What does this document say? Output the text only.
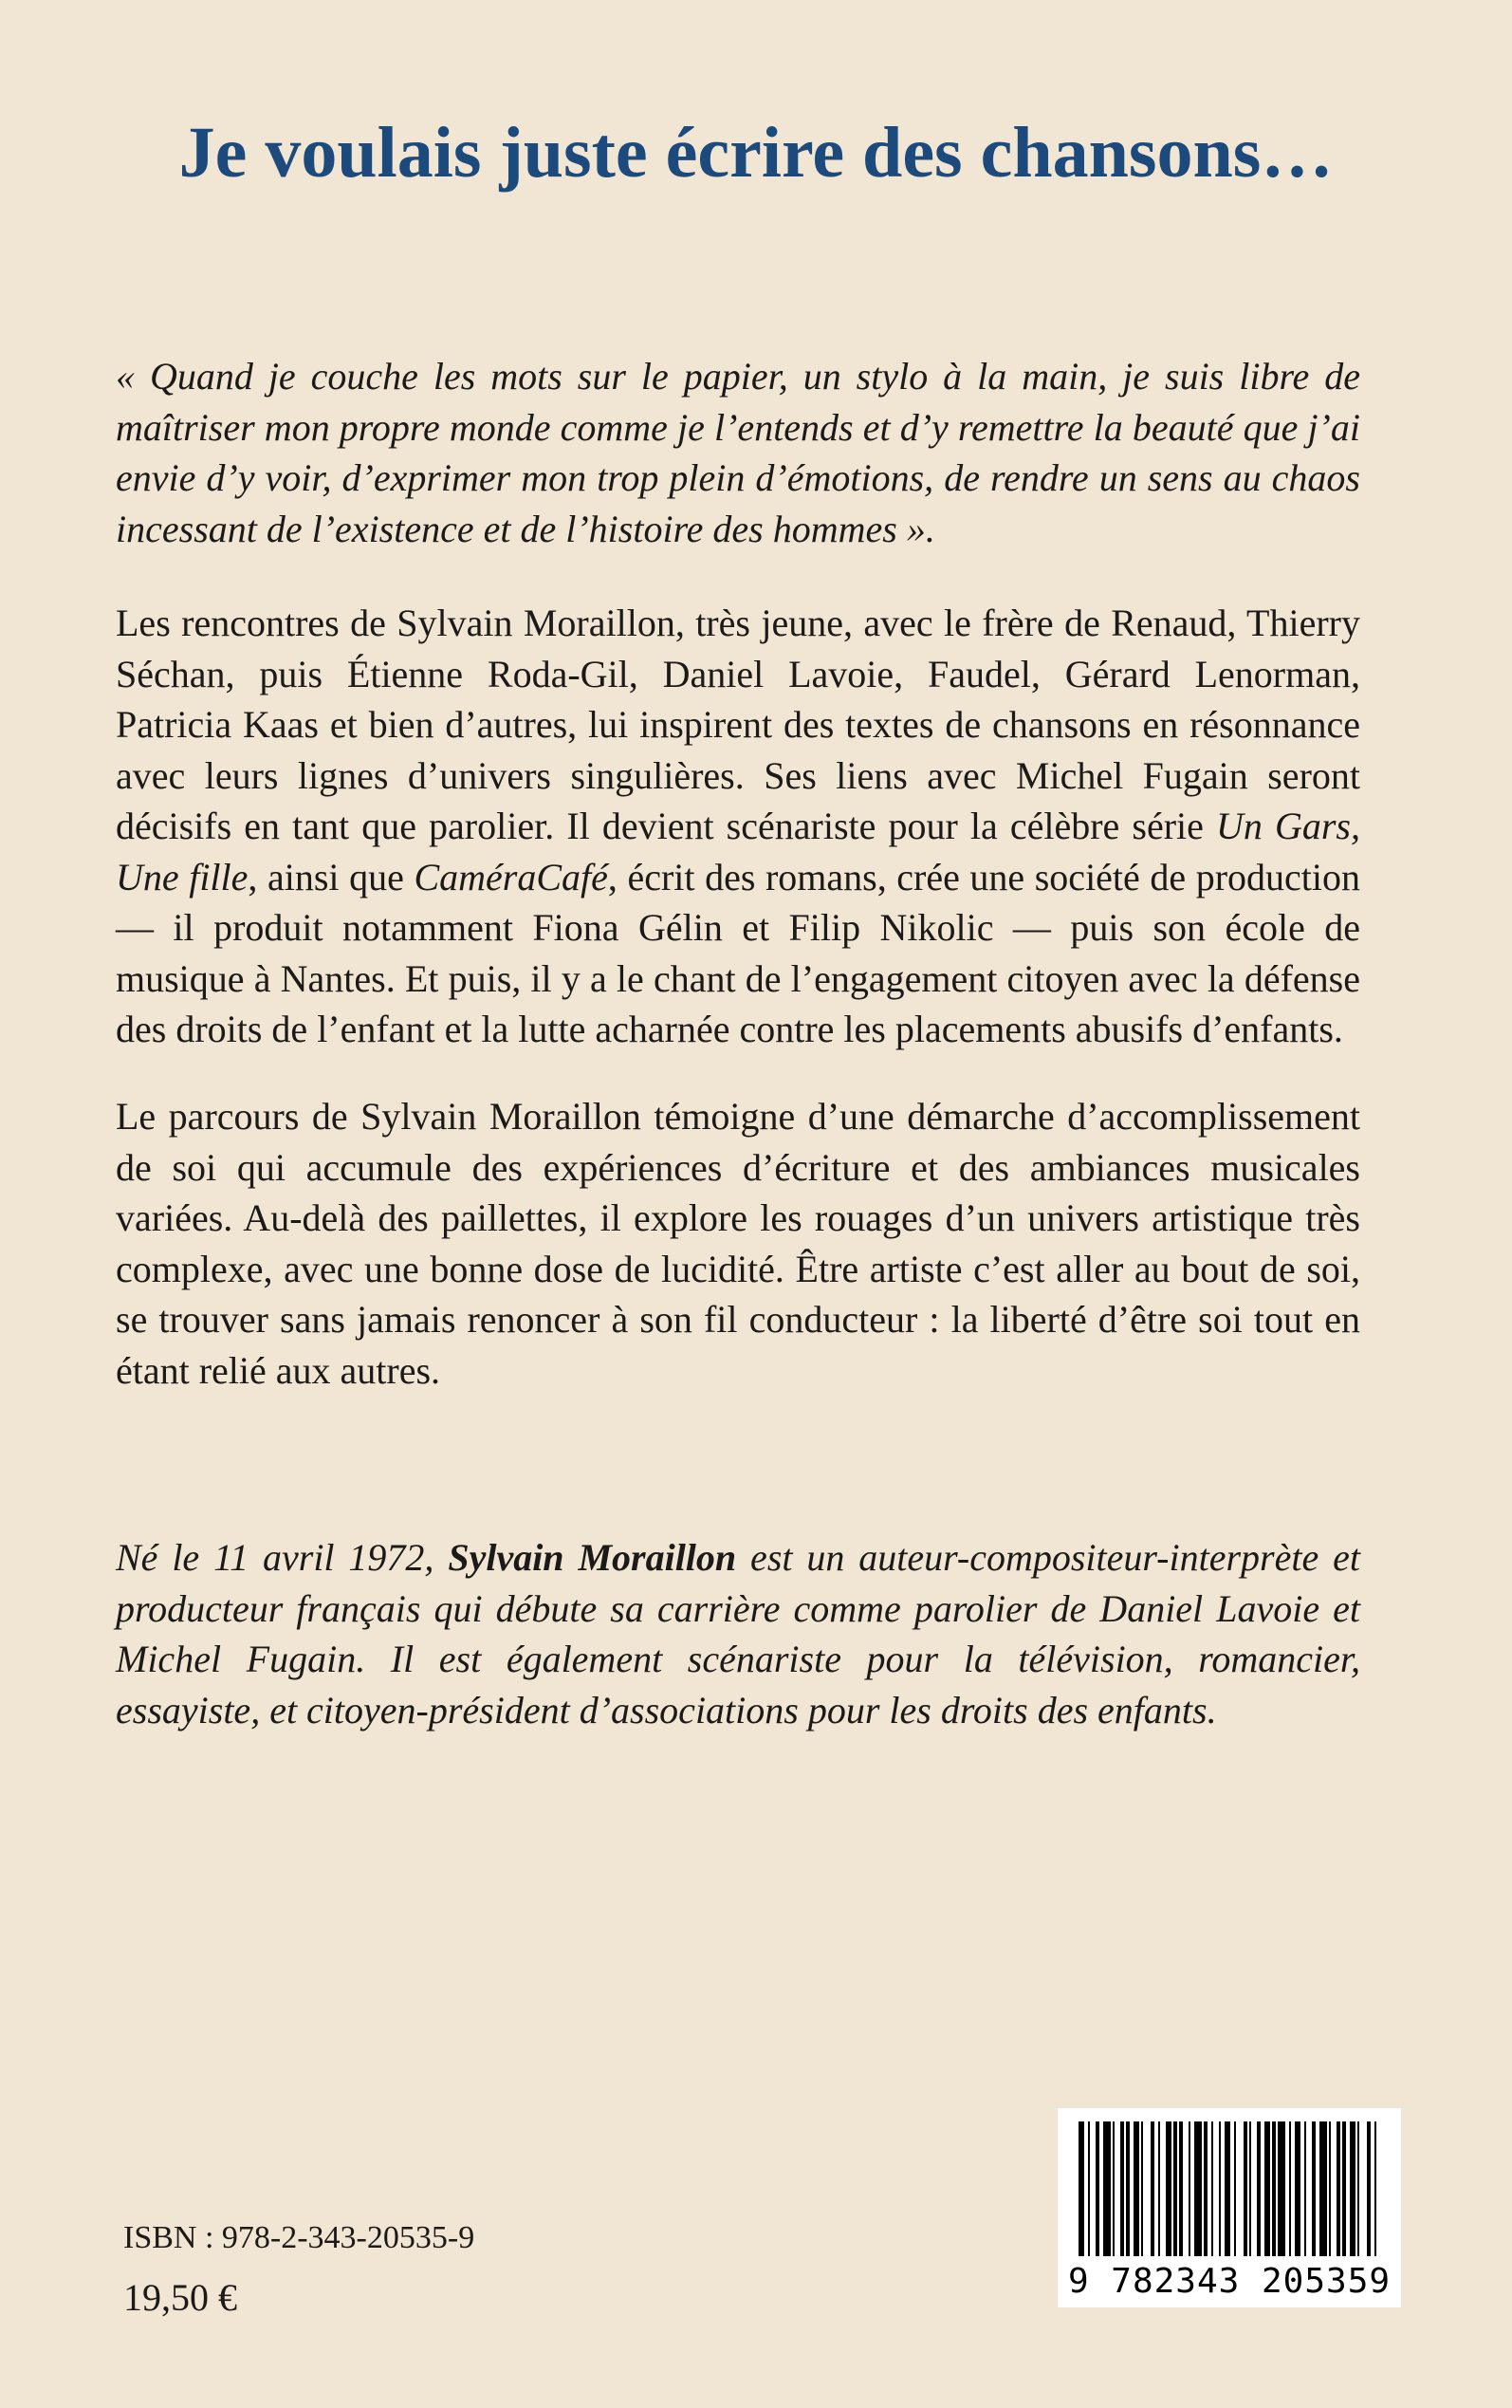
Je voulais juste écrire des chansons…

« Quand je couche les mots sur le papier, un stylo à la main, je suis libre de maîtriser mon propre monde comme je l’entends et d’y remettre la beauté que j’ai envie d’y voir, d’exprimer mon trop plein d’émotions, de rendre un sens au chaos incessant de l’existence et de l’histoire des hommes ».

Les rencontres de Sylvain Moraillon, très jeune, avec le frère de Renaud, Thierry Séchan, puis Étienne Roda-Gil, Daniel Lavoie, Faudel, Gérard Lenorman, Patricia Kaas et bien d’autres, lui inspirent des textes de chansons en résonnance avec leurs lignes d’univers singulières. Ses liens avec Michel Fugain seront décisifs en tant que parolier. Il devient scénariste pour la célèbre série Un Gars, Une fille, ainsi que CaméraCafé, écrit des romans, crée une société de production — il produit notamment Fiona Gélin et Filip Nikolic — puis son école de musique à Nantes. Et puis, il y a le chant de l’engagement citoyen avec la défense des droits de l’enfant et la lutte acharnée contre les placements abusifs d’enfants.

Le parcours de Sylvain Moraillon témoigne d’une démarche d’accomplissement de soi qui accumule des expériences d’écriture et des ambiances musicales variées. Au-delà des paillettes, il explore les rouages d’un univers artistique très complexe, avec une bonne dose de lucidité. Être artiste c’est aller au bout de soi, se trouver sans jamais renoncer à son fil conducteur : la liberté d’être soi tout en étant relié aux autres.

Né le 11 avril 1972, Sylvain Moraillon est un auteur-compositeur-interprète et producteur français qui débute sa carrière comme parolier de Daniel Lavoie et Michel Fugain. Il est également scénariste pour la télévision, romancier, essayiste, et citoyen-président d’associations pour les droits des enfants.

ISBN : 978-2-343-20535-9

19,50 €	9 782343 205359
